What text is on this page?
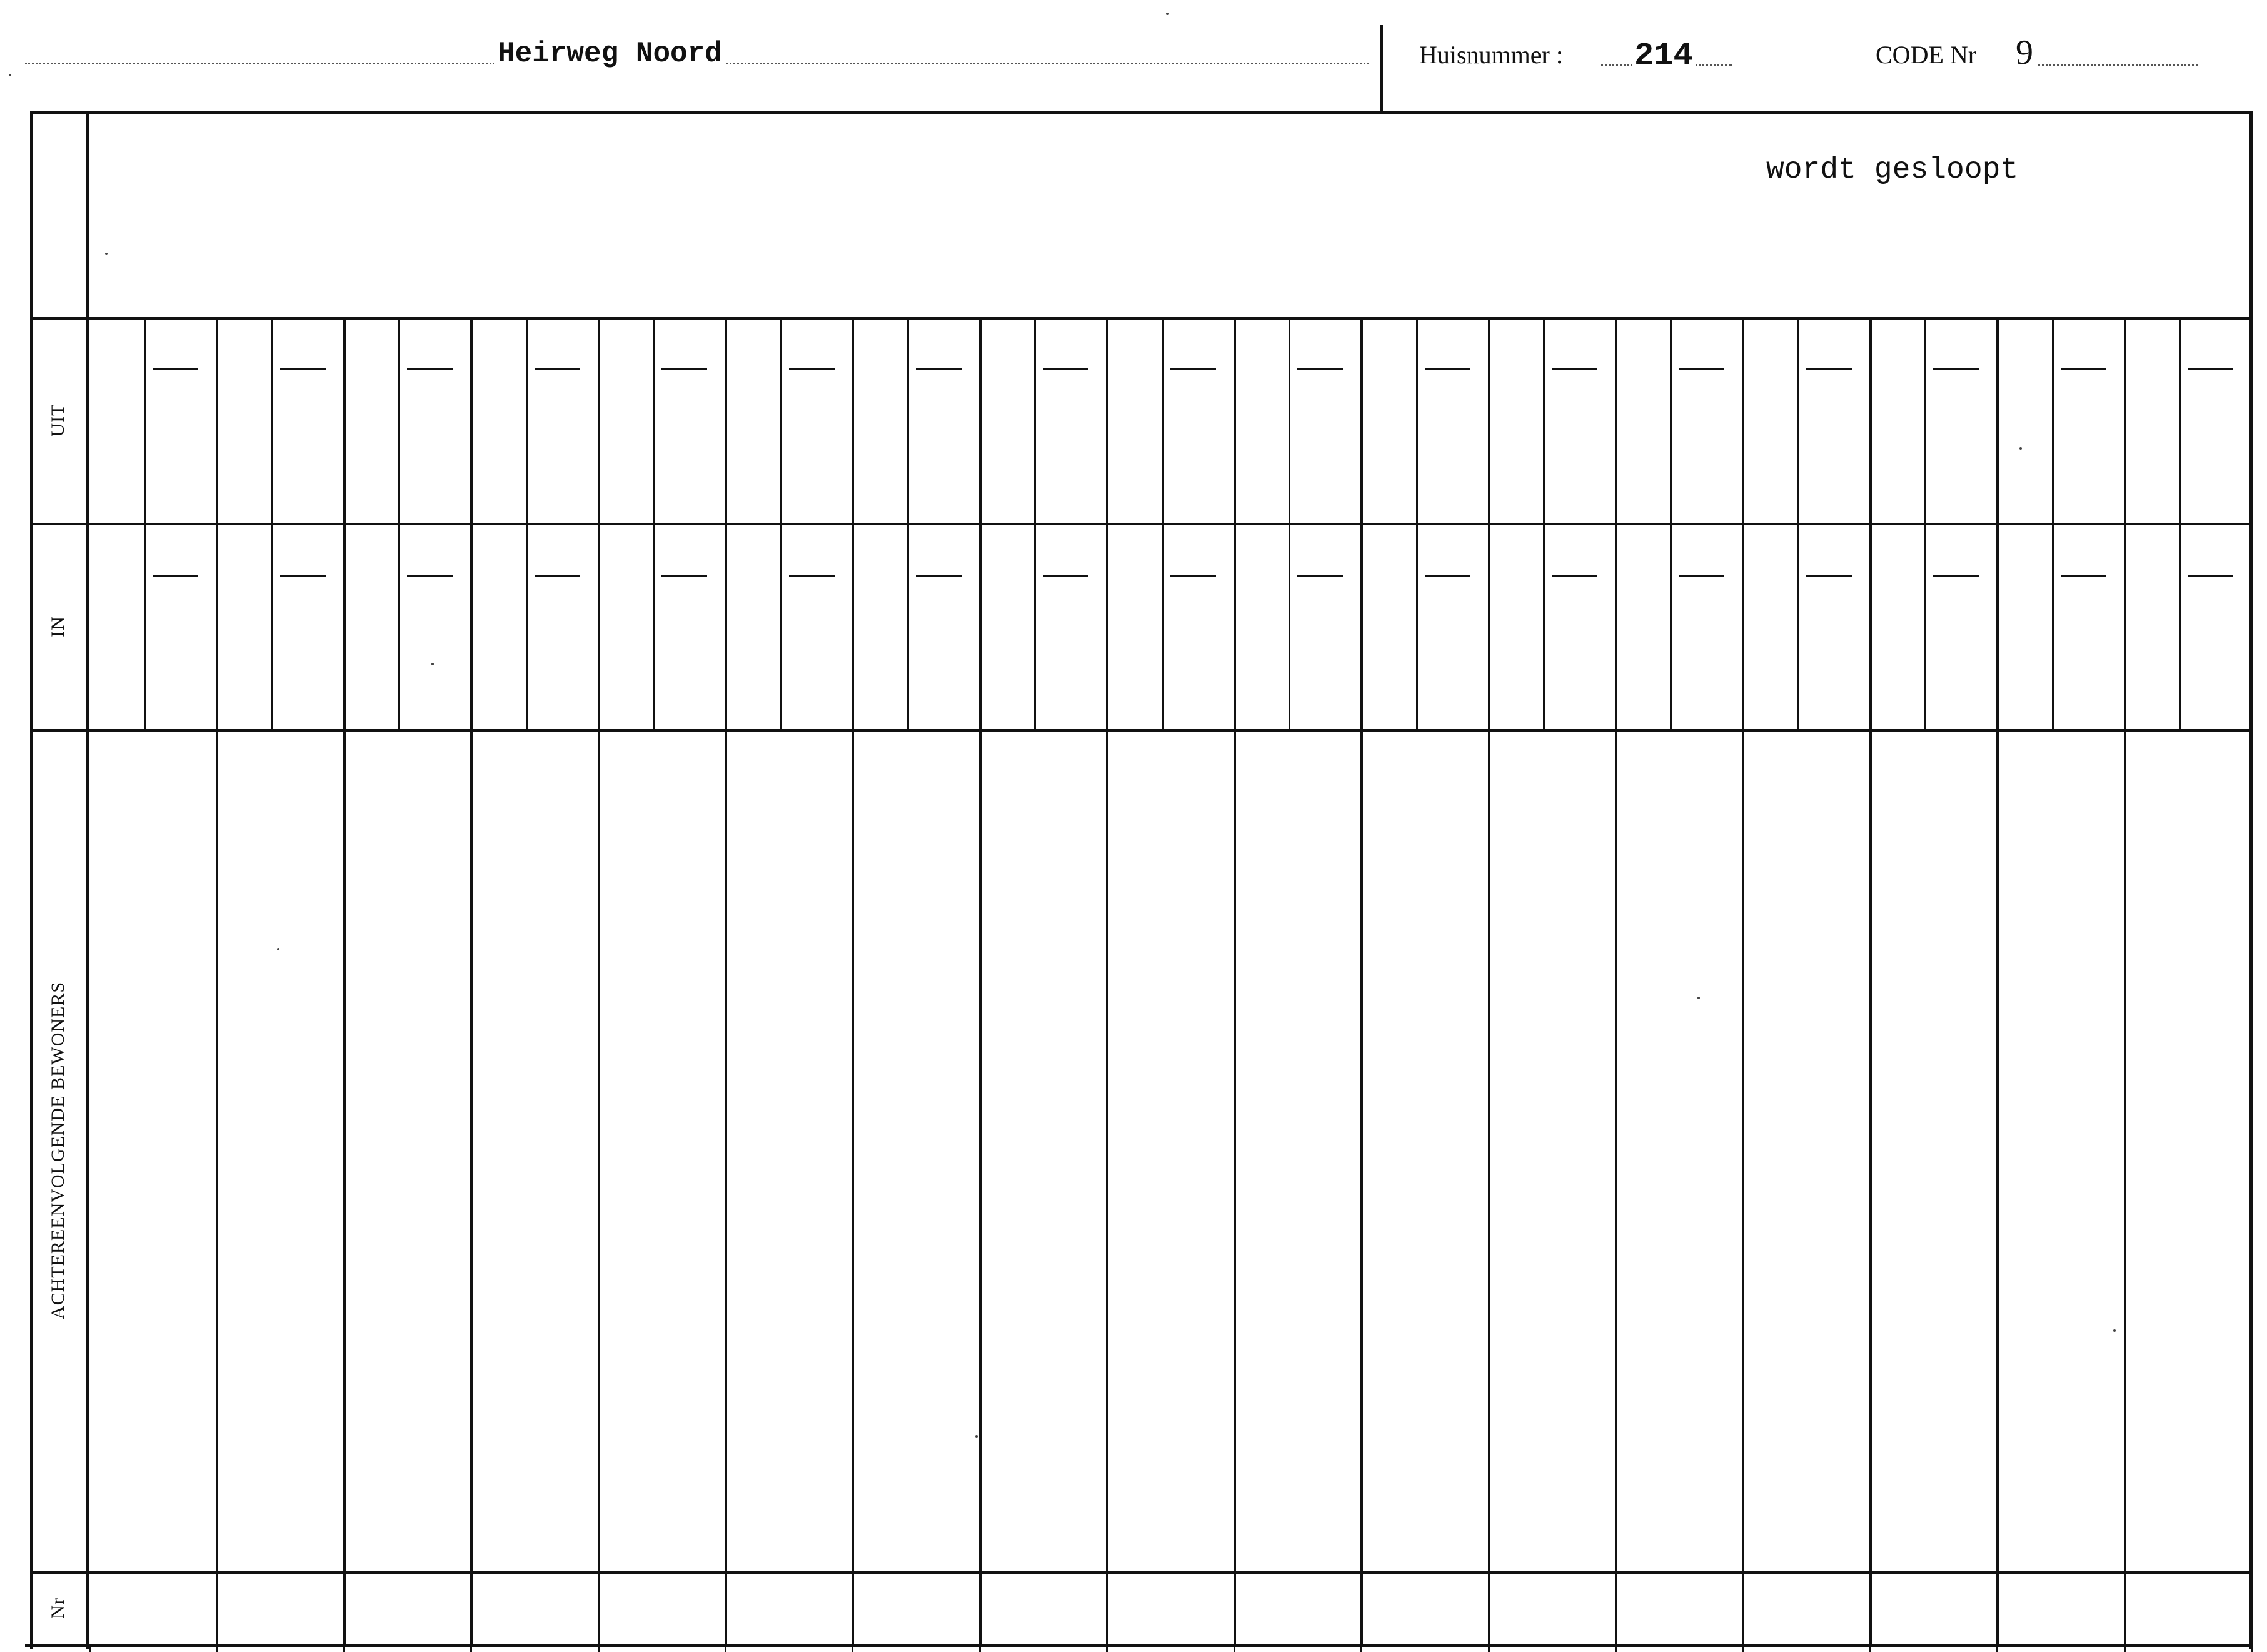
Heirweg Noord	Huisnummer : 214	CODE Nr 9
wordt gesloopt
UIT
IN
ACHTEREENVOLGENDE BEWONERS
Nr
